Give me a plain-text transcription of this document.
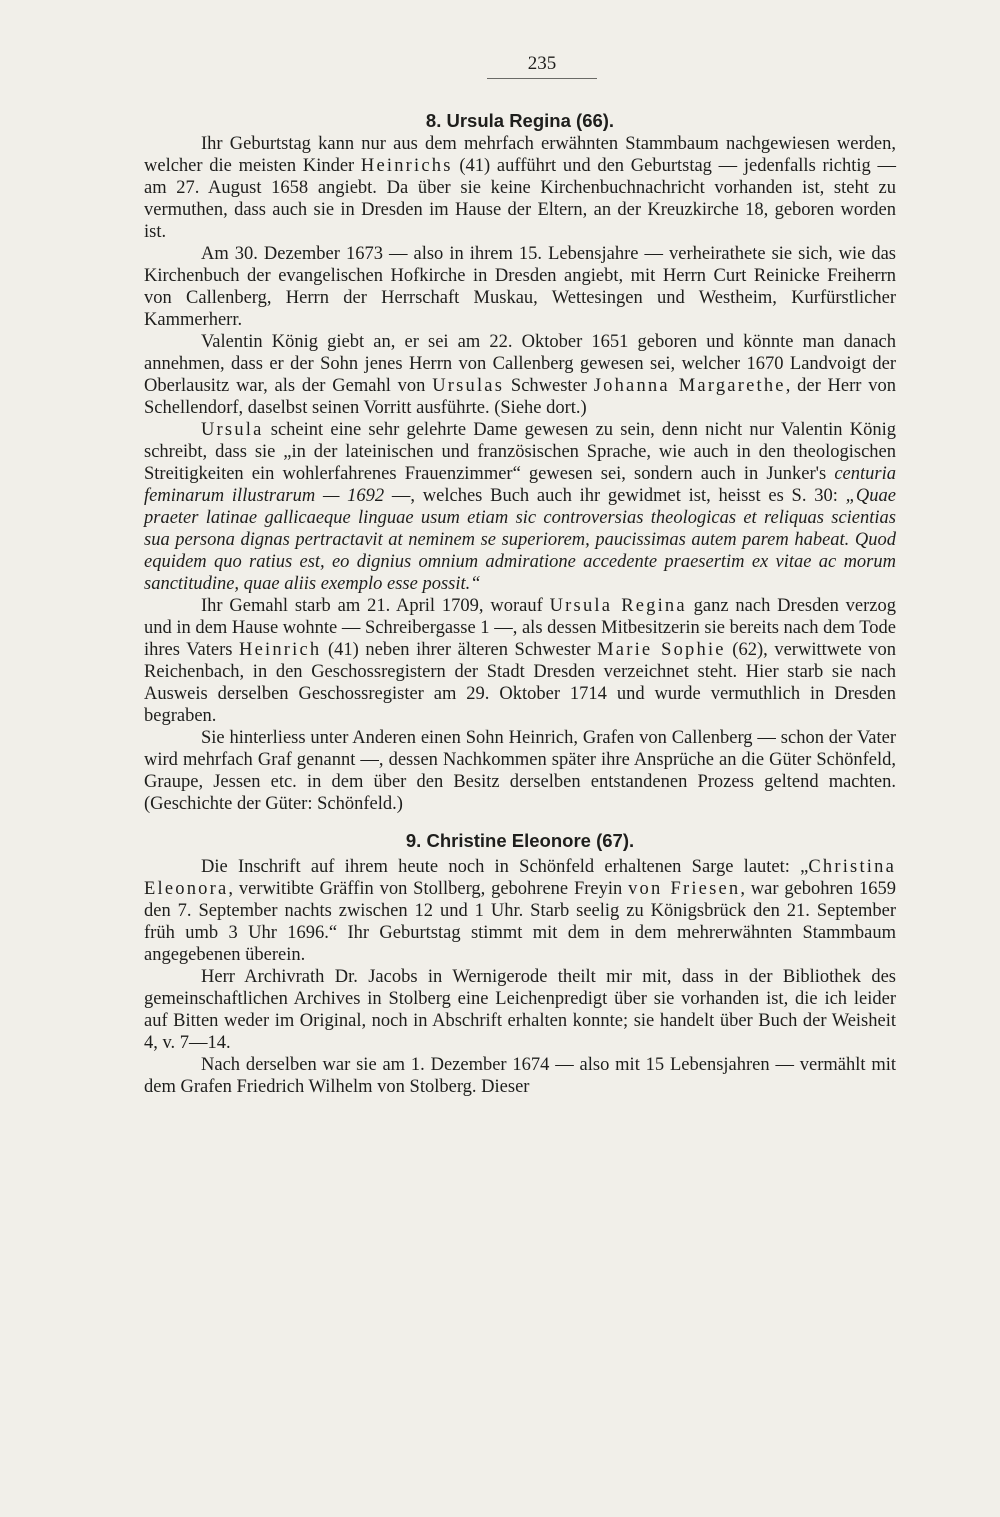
235
8. Ursula Regina (66).

Ihr Geburtstag kann nur aus dem mehrfach erwähnten Stammbaum nachgewiesen werden, welcher die meisten Kinder Heinrichs (41) aufführt und den Geburtstag — jedenfalls richtig — am 27. August 1658 angiebt. Da über sie keine Kirchenbuchnachricht vorhanden ist, steht zu vermuthen, dass auch sie in Dresden im Hause der Eltern, an der Kreuzkirche 18, geboren worden ist.

Am 30. Dezember 1673 — also in ihrem 15. Lebensjahre — verheirathete sie sich, wie das Kirchenbuch der evangelischen Hofkirche in Dresden angiebt, mit Herrn Curt Reinicke Freiherrn von Callenberg, Herrn der Herrschaft Muskau, Wettesingen und Westheim, Kurfürstlicher Kammerherr.

Valentin König giebt an, er sei am 22. Oktober 1651 geboren und könnte man danach annehmen, dass er der Sohn jenes Herrn von Callenberg gewesen sei, welcher 1670 Landvoigt der Oberlausitz war, als der Gemahl von Ursulas Schwester Johanna Margarethe, der Herr von Schellendorf, daselbst seinen Vorritt ausführte. (Siehe dort.)

Ursula scheint eine sehr gelehrte Dame gewesen zu sein, denn nicht nur Valentin König schreibt, dass sie „in der lateinischen und französischen Sprache, wie auch in den theologischen Streitigkeiten ein wohlerfahrenes Frauenzimmer“ gewesen sei, sondern auch in Junker's centuria feminarum illustrarum — 1692 —, welches Buch auch ihr gewidmet ist, heisst es S. 30: „Quae praeter latinae gallicaeque linguae usum etiam sic controversias theologicas et reliquas scientias sua persona dignas pertractavit at neminem se superiorem, paucissimas autem parem habeat. Quod equidem quo ratius est, eo dignius omnium admiratione accedente praesertim ex vitae ac morum sanctitudine, quae aliis exemplo esse possit.“

Ihr Gemahl starb am 21. April 1709, worauf Ursula Regina ganz nach Dresden verzog und in dem Hause wohnte — Schreibergasse 1 —, als dessen Mitbesitzerin sie bereits nach dem Tode ihres Vaters Heinrich (41) neben ihrer älteren Schwester Marie Sophie (62), verwittwete von Reichenbach, in den Geschossregistern der Stadt Dresden verzeichnet steht. Hier starb sie nach Ausweis derselben Geschossregister am 29. Oktober 1714 und wurde vermuthlich in Dresden begraben.

Sie hinterliess unter Anderen einen Sohn Heinrich, Grafen von Callenberg — schon der Vater wird mehrfach Graf genannt —, dessen Nachkommen später ihre Ansprüche an die Güter Schönfeld, Graupe, Jessen etc. in dem über den Besitz derselben entstandenen Prozess geltend machten. (Geschichte der Güter: Schönfeld.)

9. Christine Eleonore (67).

Die Inschrift auf ihrem heute noch in Schönfeld erhaltenen Sarge lautet: „Christina Eleonora, verwitibte Gräffin von Stollberg, gebohrene Freyin von Friesen, war gebohren 1659 den 7. September nachts zwischen 12 und 1 Uhr. Starb seelig zu Königsbrück den 21. September früh umb 3 Uhr 1696.“ Ihr Geburtstag stimmt mit dem in dem mehrerwähnten Stammbaum angegebenen überein.

Herr Archivrath Dr. Jacobs in Wernigerode theilt mir mit, dass in der Bibliothek des gemeinschaftlichen Archives in Stolberg eine Leichenpredigt über sie vorhanden ist, die ich leider auf Bitten weder im Original, noch in Abschrift erhalten konnte; sie handelt über Buch der Weisheit 4, v. 7—14.

Nach derselben war sie am 1. Dezember 1674 — also mit 15 Lebensjahren — vermählt mit dem Grafen Friedrich Wilhelm von Stolberg. Dieser
